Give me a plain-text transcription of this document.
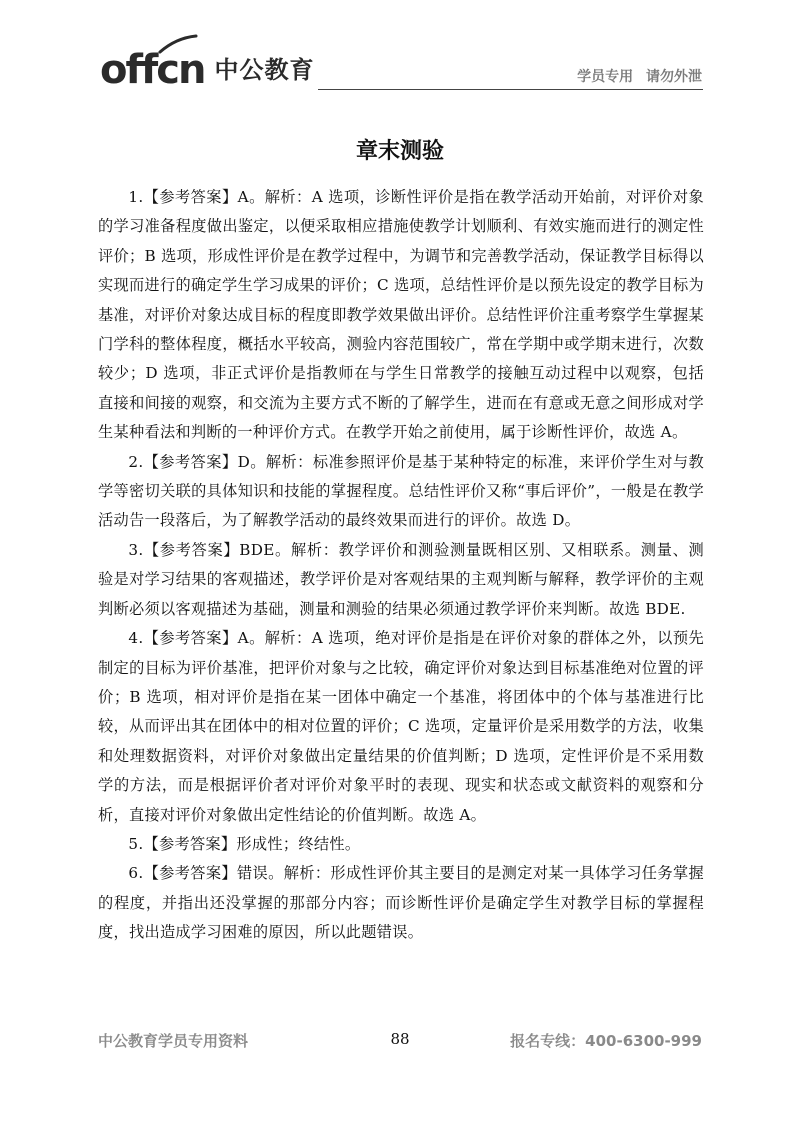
offcn 中公教育	学员专用 请勿外泄
章末测验

1.【参考答案】A。解析：A 选项，诊断性评价是指在教学活动开始前，对评价对象的学习准备程度做出鉴定，以便采取相应措施使教学计划顺利、有效实施而进行的测定性评价；B 选项，形成性评价是在教学过程中，为调节和完善教学活动，保证教学目标得以实现而进行的确定学生学习成果的评价；C 选项，总结性评价是以预先设定的教学目标为基准，对评价对象达成目标的程度即教学效果做出评价。总结性评价注重考察学生掌握某门学科的整体程度，概括水平较高，测验内容范围较广，常在学期中或学期末进行，次数较少；D 选项，非正式评价是指教师在与学生日常教学的接触互动过程中以观察，包括直接和间接的观察，和交流为主要方式不断的了解学生，进而在有意或无意之间形成对学生某种看法和判断的一种评价方式。在教学开始之前使用，属于诊断性评价，故选 A。

2.【参考答案】D。解析：标准参照评价是基于某种特定的标准，来评价学生对与教学等密切关联的具体知识和技能的掌握程度。总结性评价又称“事后评价”，一般是在教学活动告一段落后，为了解教学活动的最终效果而进行的评价。故选 D。

3.【参考答案】BDE。解析：教学评价和测验测量既相区别、又相联系。测量、测验是对学习结果的客观描述，教学评价是对客观结果的主观判断与解释，教学评价的主观判断必须以客观描述为基础，测量和测验的结果必须通过教学评价来判断。故选 BDE.

4.【参考答案】A。解析：A 选项，绝对评价是指是在评价对象的群体之外，以预先制定的目标为评价基准，把评价对象与之比较，确定评价对象达到目标基准绝对位置的评价；B 选项，相对评价是指在某一团体中确定一个基准，将团体中的个体与基准进行比较，从而评出其在团体中的相对位置的评价；C 选项，定量评价是采用数学的方法，收集和处理数据资料，对评价对象做出定量结果的价值判断；D 选项，定性评价是不采用数学的方法，而是根据评价者对评价对象平时的表现、现实和状态或文献资料的观察和分析，直接对评价对象做出定性结论的价值判断。故选 A。

5.【参考答案】形成性；终结性。

6.【参考答案】错误。解析：形成性评价其主要目的是测定对某一具体学习任务掌握的程度，并指出还没掌握的那部分内容；而诊断性评价是确定学生对教学目标的掌握程度，找出造成学习困难的原因，所以此题错误。

中公教育学员专用资料	88	报名专线：400-6300-999
